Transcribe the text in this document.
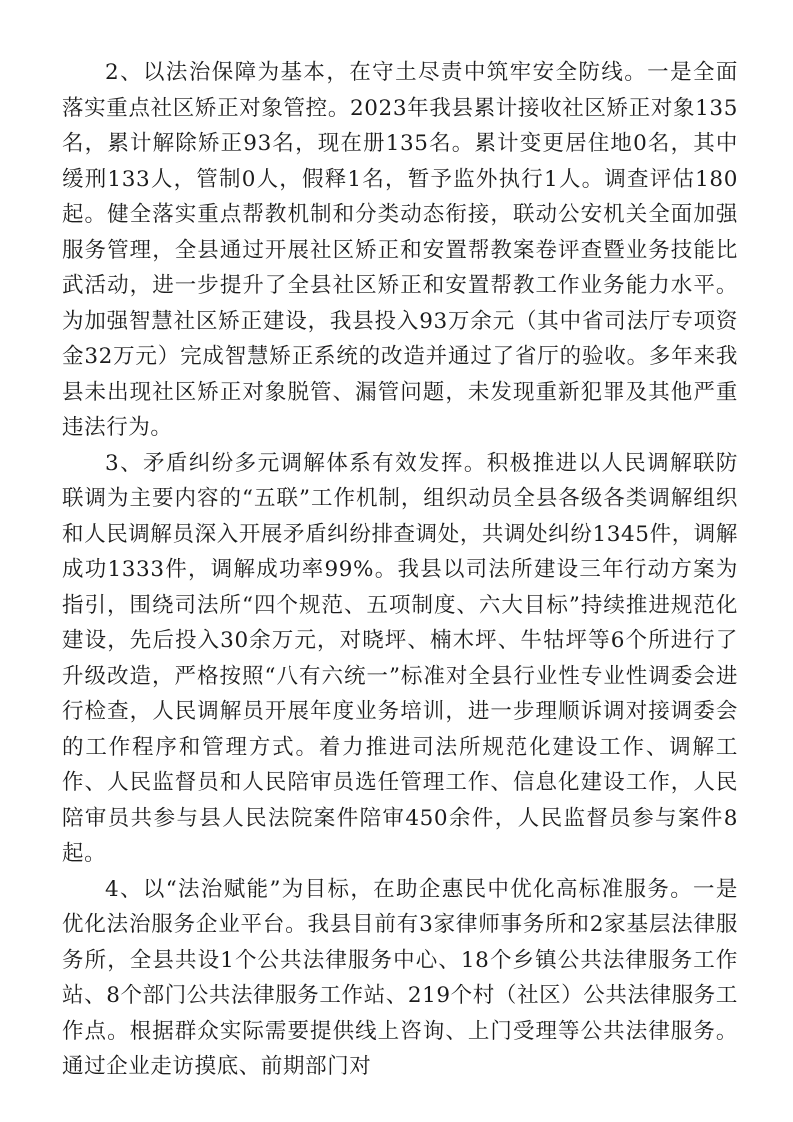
2、以法治保障为基本，在守土尽责中筑牢安全防线。一是全面落实重点社区矫正对象管控。2023年我县累计接收社区矫正对象135名，累计解除矫正93名，现在册135名。累计变更居住地0名，其中缓刑133人，管制0人，假释1名，暂予监外执行1人。调查评估180起。健全落实重点帮教机制和分类动态衔接，联动公安机关全面加强服务管理，全县通过开展社区矫正和安置帮教案卷评查暨业务技能比武活动，进一步提升了全县社区矫正和安置帮教工作业务能力水平。为加强智慧社区矫正建设，我县投入93万余元（其中省司法厅专项资金32万元）完成智慧矫正系统的改造并通过了省厅的验收。多年来我县未出现社区矫正对象脱管、漏管问题，未发现重新犯罪及其他严重违法行为。

3、矛盾纠纷多元调解体系有效发挥。积极推进以人民调解联防联调为主要内容的“五联”工作机制，组织动员全县各级各类调解组织和人民调解员深入开展矛盾纠纷排查调处，共调处纠纷1345件，调解成功1333件，调解成功率99%。我县以司法所建设三年行动方案为指引，围绕司法所“四个规范、五项制度、六大目标”持续推进规范化建设，先后投入30余万元，对晓坪、楠木坪、牛牯坪等6个所进行了升级改造，严格按照“八有六统一”标准对全县行业性专业性调委会进行检查，人民调解员开展年度业务培训，进一步理顺诉调对接调委会的工作程序和管理方式。着力推进司法所规范化建设工作、调解工作、人民监督员和人民陪审员选任管理工作、信息化建设工作，人民陪审员共参与县人民法院案件陪审450余件，人民监督员参与案件8起。

4、以“法治赋能”为目标，在助企惠民中优化高标准服务。一是优化法治服务企业平台。我县目前有3家律师事务所和2家基层法律服务所，全县共设1个公共法律服务中心、18个乡镇公共法律服务工作站、8个部门公共法律服务工作站、219个村（社区）公共法律服务工作点。根据群众实际需要提供线上咨询、上门受理等公共法律服务。通过企业走访摸底、前期部门对
